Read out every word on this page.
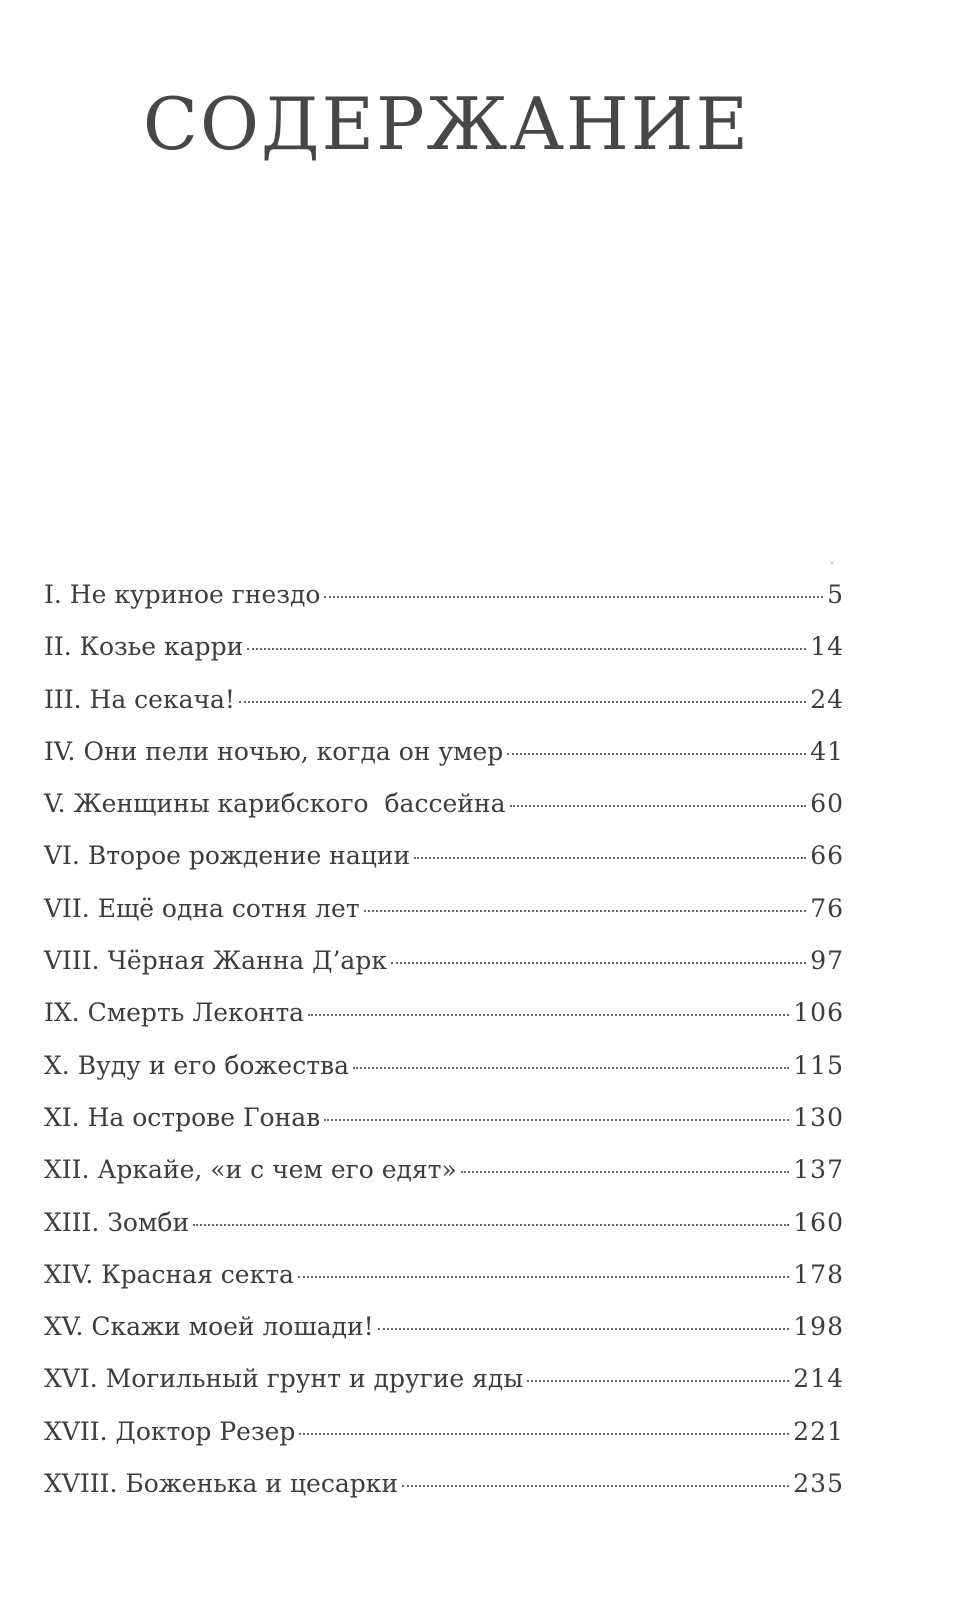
СОДЕРЖАНИЕ
I. Не куриное гнездо	5
II. Козье карри	14
III. На секача!	24
IV. Они пели ночью, когда он умер	41
V. Женщины карибского  бассейна	60
VI. Второе рождение нации	66
VII. Ещё одна сотня лет	76
VIII. Чёрная Жанна Д’арк	97
IX. Смерть Леконта	106
X. Вуду и его божества	115
XI. На острове Гонав	130
XII. Аркайе, «и с чем его едят»	137
XIII. Зомби	160
XIV. Красная секта	178
XV. Скажи моей лошади!	198
XVI. Могильный грунт и другие яды	214
XVII. Доктор Резер	221
XVIII. Боженька и цесарки	235
